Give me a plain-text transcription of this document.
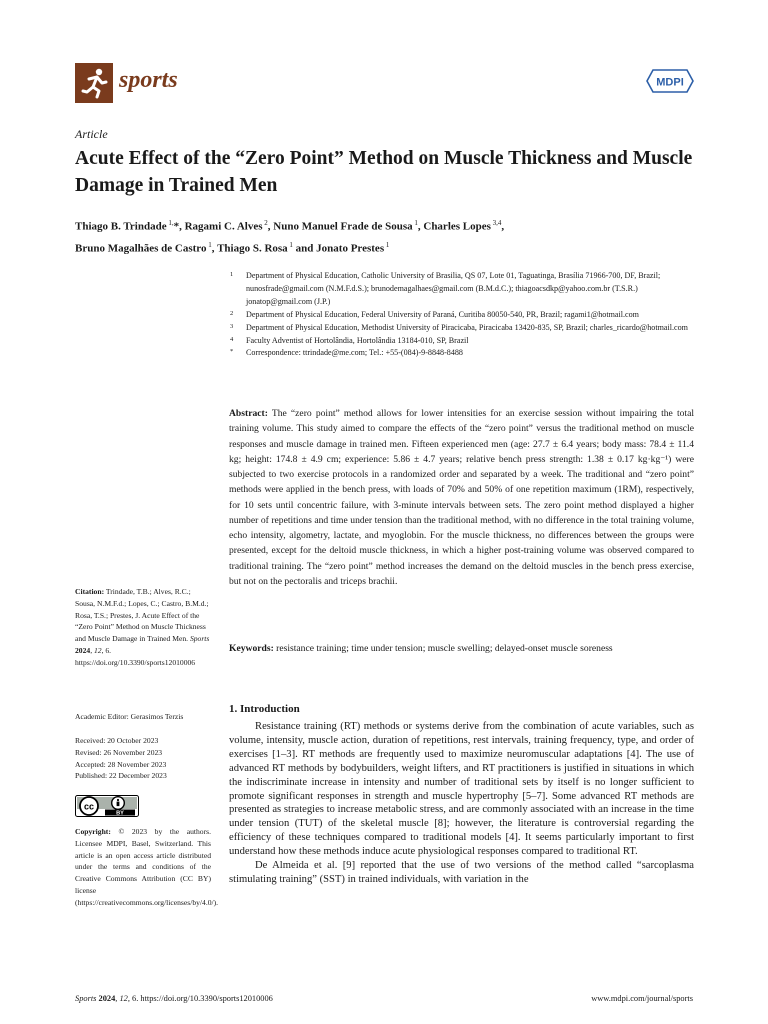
sports	MDPI
Article
Acute Effect of the “Zero Point” Method on Muscle Thickness and Muscle Damage in Trained Men
Thiago B. Trindade $^{1,}$*, Ragami C. Alves $^2$, Nuno Manuel Frade de Sousa $^1$, Charles Lopes $^{3,4}$,
Bruno Magalhães de Castro $^1$, Thiago S. Rosa $^1$ and Jonato Prestes $^1$
1 Department of Physical Education, Catholic University of Brasilia, QS 07, Lote 01, Taguatinga, Brasília 71966-700, DF, Brazil; nunosfrade@gmail.com (N.M.F.d.S.); brunodemagalhaes@gmail.com (B.M.d.C.); thiagoacsdkp@yahoo.com.br (T.S.R.) jonatop@gmail.com (J.P.)
2 Department of Physical Education, Federal University of Paraná, Curitiba 80050-540, PR, Brazil; ragami1@hotmail.com
3 Department of Physical Education, Methodist University of Piracicaba, Piracicaba 13420-835, SP, Brazil; charles_ricardo@hotmail.com
4 Faculty Adventist of Hortolândia, Hortolândia 13184-010, SP, Brazil
* Correspondence: ttrindade@me.com; Tel.: +55-(084)-9-8848-8488
Abstract: The “zero point” method allows for lower intensities for an exercise session without impairing the total training volume. This study aimed to compare the effects of the “zero point” versus the traditional method on muscle responses and muscle damage in trained men. Fifteen experienced men (age: 27.7 ± 6.4 years; body mass: 78.4 ± 11.4 kg; height: 174.8 ± 4.9 cm; experience: 5.86 ± 4.7 years; relative bench press strength: 1.38 ± 0.17 kg·kg⁻¹) were subjected to two exercise protocols in a randomized order and separated by a week. The traditional and “zero point” methods were applied in the bench press, with loads of 70% and 50% of one repetition maximum (1RM), respectively, for 10 sets until concentric failure, with 3-minute intervals between sets. The zero point method displayed a higher number of repetitions and time under tension than the traditional method, with no difference in the total training volume, echo intensity, algometry, lactate, and myoglobin. For the muscle thickness, no differences between the groups were presented, except for the deltoid muscle thickness, in which a higher post-training volume was observed compared to traditional training. The “zero point” method increases the demand on the deltoid muscles in the bench press exercise, but not on the pectoralis and triceps brachii.
Keywords: resistance training; time under tension; muscle swelling; delayed-onset muscle soreness
Citation: Trindade, T.B.; Alves, R.C.; Sousa, N.M.F.d.; Lopes, C.; Castro, B.M.d.; Rosa, T.S.; Prestes, J. Acute Effect of the “Zero Point” Method on Muscle Thickness and Muscle Damage in Trained Men. Sports 2024, 12, 6. https://doi.org/10.3390/sports12010006
Academic Editor: Gerasimos Terzis
Received: 20 October 2023
Revised: 26 November 2023
Accepted: 28 November 2023
Published: 22 December 2023
cc
BY
Copyright: © 2023 by the authors. Licensee MDPI, Basel, Switzerland. This article is an open access article distributed under the terms and conditions of the Creative Commons Attribution (CC BY) license (https://creativecommons.org/licenses/by/4.0/).
1. Introduction

Resistance training (RT) methods or systems derive from the combination of acute variables, such as volume, intensity, muscle action, duration of repetitions, rest intervals, training frequency, type, and order of exercises [1–3]. RT methods are frequently used to maximize neuromuscular adaptations [4]. The use of advanced RT methods by bodybuilders, weight lifters, and RT practitioners is justified in situations in which the indiscriminate increase in intensity and number of traditional sets by itself is no longer sufficient to promote significant responses in strength and muscle hypertrophy [5–7]. Some advanced RT methods are presented as strategies to increase metabolic stress, and are commonly associated with an increase in the time under tension (TUT) of the skeletal muscle [8]; however, the literature is controversial regarding the efficiency of these techniques compared to traditional models [4]. It seems particularly important to first understand how these methods induce acute physiological responses compared to traditional RT.

De Almeida et al. [9] reported that the use of two versions of the method called “sarcoplasma stimulating training” (SST) in trained individuals, with variation in the

Sports 2024, 12, 6. https://doi.org/10.3390/sports12010006	www.mdpi.com/journal/sports
